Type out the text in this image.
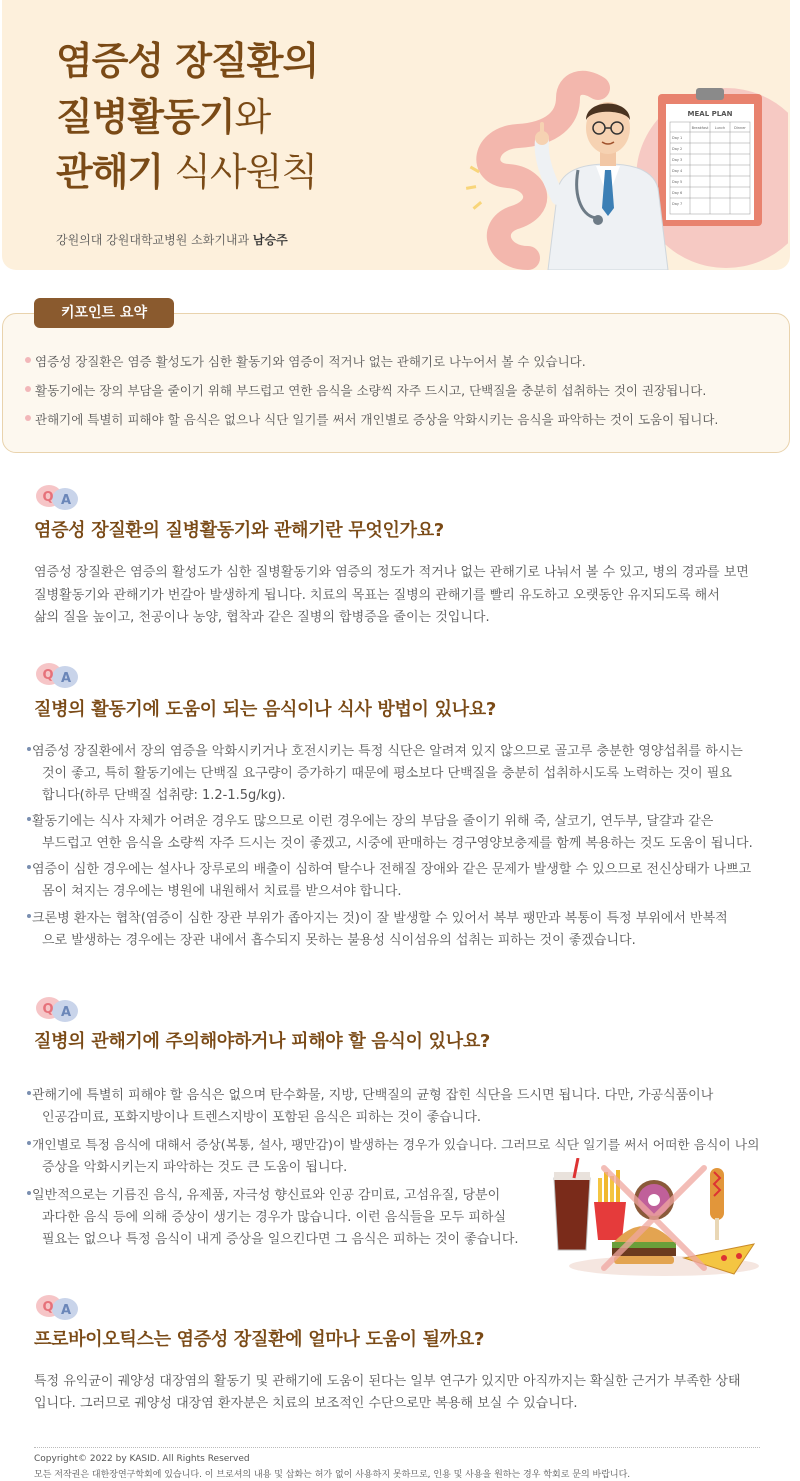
염증성 장질환의
질병활동기와
관해기 식사원칙
강원의대 강원대학교병원 소화기내과 남승주
MEAL PLAN
Breakfast Lunch	Dinner
Day 1
Day 2
Day 3
Day 4
Day 5
Day 6
Day 7
키포인트 요약
염증성 장질환은 염증 활성도가 심한 활동기와 염증이 적거나 없는 관해기로 나누어서 볼 수 있습니다.
활동기에는 장의 부담을 줄이기 위해 부드럽고 연한 음식을 소량씩 자주 드시고, 단백질을 충분히 섭취하는 것이 권장됩니다.
관해기에 특별히 피해야 할 음식은 없으나 식단 일기를 써서 개인별로 증상을 악화시키는 음식을 파악하는 것이 도움이 됩니다.
Q A
염증성 장질환의 질병활동기와 관해기란 무엇인가요?
염증성 장질환은 염증의 활성도가 심한 질병활동기와 염증의 정도가 적거나 없는 관해기로 나눠서 볼 수 있고, 병의 경과를 보면
질병활동기와 관해기가 번갈아 발생하게 됩니다. 치료의 목표는 질병의 관해기를 빨리 유도하고 오랫동안 유지되도록 해서
삶의 질을 높이고, 천공이나 농양, 협착과 같은 질병의 합병증을 줄이는 것입니다.
Q A
질병의 활동기에 도움이 되는 음식이나 식사 방법이 있나요?
염증성 장질환에서 장의 염증을 악화시키거나 호전시키는 특정 식단은 알려져 있지 않으므로 골고루 충분한 영양섭취를 하시는
것이 좋고, 특히 활동기에는 단백질 요구량이 증가하기 때문에 평소보다 단백질을 충분히 섭취하시도록 노력하는 것이 필요
합니다(하루 단백질 섭취량: 1.2-1.5g/kg).
활동기에는 식사 자체가 어려운 경우도 많으므로 이런 경우에는 장의 부담을 줄이기 위해 죽, 살코기, 연두부, 달걀과 같은
부드럽고 연한 음식을 소량씩 자주 드시는 것이 좋겠고, 시중에 판매하는 경구영양보충제를 함께 복용하는 것도 도움이 됩니다.
염증이 심한 경우에는 설사나 장루로의 배출이 심하여 탈수나 전해질 장애와 같은 문제가 발생할 수 있으므로 전신상태가 나쁘고
몸이 쳐지는 경우에는 병원에 내원해서 치료를 받으셔야 합니다.
크론병 환자는 협착(염증이 심한 장관 부위가 좁아지는 것)이 잘 발생할 수 있어서 복부 팽만과 복통이 특정 부위에서 반복적
으로 발생하는 경우에는 장관 내에서 흡수되지 못하는 불용성 식이섬유의 섭취는 피하는 것이 좋겠습니다.
Q A
질병의 관해기에 주의해야하거나 피해야 할 음식이 있나요?
관해기에 특별히 피해야 할 음식은 없으며 탄수화물, 지방, 단백질의 균형 잡힌 식단을 드시면 됩니다. 다만, 가공식품이나
인공감미료, 포화지방이나 트렌스지방이 포함된 음식은 피하는 것이 좋습니다.
개인별로 특정 음식에 대해서 증상(복통, 설사, 팽만감)이 발생하는 경우가 있습니다. 그러므로 식단 일기를 써서 어떠한 음식이 나의
증상을 악화시키는지 파악하는 것도 큰 도움이 됩니다.
일반적으로는 기름진 음식, 유제품, 자극성 향신료와 인공 감미료, 고섬유질, 당분이
과다한 음식 등에 의해 증상이 생기는 경우가 많습니다. 이런 음식들을 모두 피하실
필요는 없으나 특정 음식이 내게 증상을 일으킨다면 그 음식은 피하는 것이 좋습니다.
Q A
프로바이오틱스는 염증성 장질환에 얼마나 도움이 될까요?
특정 유익균이 궤양성 대장염의 활동기 및 관해기에 도움이 된다는 일부 연구가 있지만 아직까지는 확실한 근거가 부족한 상태
입니다. 그러므로 궤양성 대장염 환자분은 치료의 보조적인 수단으로만 복용해 보실 수 있습니다.
Copyright© 2022 by KASID. All Rights Reserved
모든 저작권은 대한장연구학회에 있습니다. 이 브로셔의 내용 및 삽화는 허가 없이 사용하지 못하므로, 인용 및 사용을 원하는 경우 학회로 문의 바랍니다.
